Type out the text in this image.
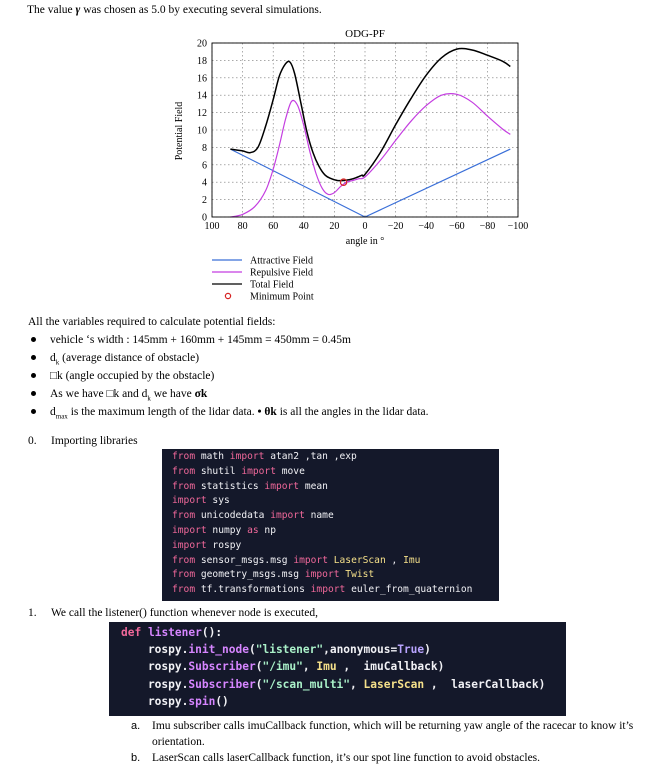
The value γ was chosen as 5.0 by executing several simulations.
ODG-PF
Potential Field
angle in °
100 80 60 40 20 0 −20 −40 −60 −80 −100
0
2
4
6
8
10
12
14
16
18
20
Attractive Field
Repulsive Field
Total Field
Minimum Point
All the variables required to calculate potential fields:
vehicle ‘s width : 145mm + 160mm + 145mm = 450mm = 0.45m
$d_k$ (average distance of obstacle)
□k (angle occupied by the obstacle)
As we have □k and $d_k$ we have σk
$d_{max}$ is the maximum length of the lidar data. • θk is all the angles in the lidar data.
0. Importing libraries
from math import atan2 ,tan ,exp
from shutil import move
from statistics import mean
import sys
from unicodedata import name
import numpy as np
import rospy
from sensor_msgs.msg import LaserScan , Imu
from geometry_msgs.msg import Twist
from tf.transformations import euler_from_quaternion
1. We call the listener() function whenever node is executed,
def listener():
rospy.init_node("listener",anonymous=True)
rospy.Subscriber("/imu", Imu ,  imuCallback)
rospy.Subscriber("/scan_multi", LaserScan ,  laserCallback)
rospy.spin()
a. Imu subscriber calls imuCallback function, which will be returning yaw angle of the racecar to know it’s
orientation.
b. LaserScan calls laserCallback function, it’s our spot line function to avoid obstacles.
